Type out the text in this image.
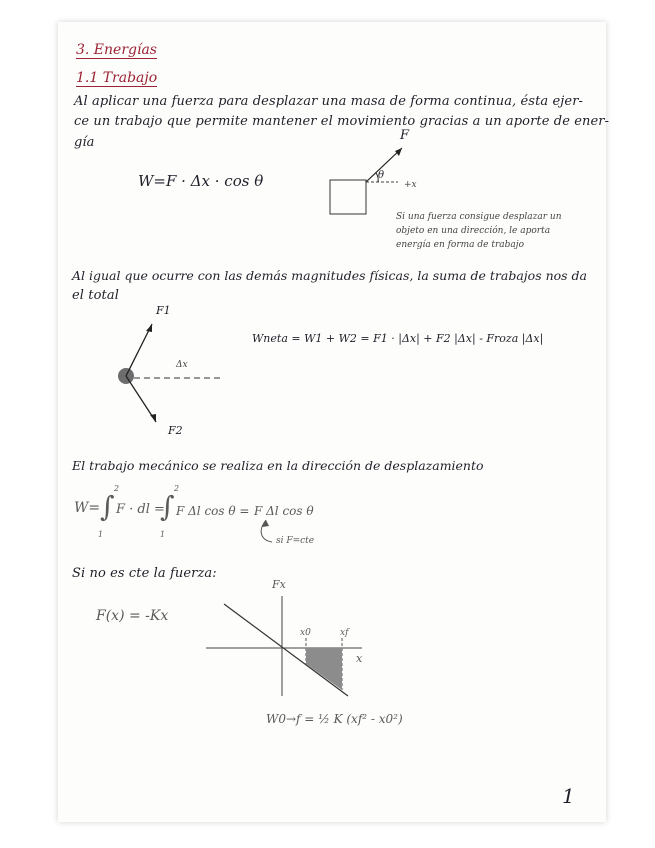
3. Energías
1.1 Trabajo
Al aplicar una fuerza para desplazar una masa de forma continua, ésta ejer-
ce un trabajo que permite mantener el movimiento gracias a un aporte de ener-
gía
W=F · Δx · cos θ
F
θ
+x
Si una fuerza consigue desplazar un
objeto en una dirección, le aporta
energía en forma de trabajo
Al igual que ocurre con las demás magnitudes físicas, la suma de trabajos nos da
el total
F1
F2
Δx
Wneta = W1 + W2 = F1 · |Δx| + F2 |Δx| - Froza |Δx|
El trabajo mecánico se realiza en la dirección de desplazamiento
W= ∫
2
1
F · dl =
∫
2
1
F Δl cos θ = F Δl cos θ
si F=cte
Si no es cte la fuerza:
F(x) = -Kx
Fx
x
x0	xf
W0→f = ½ K (xf² - x0²)
1
